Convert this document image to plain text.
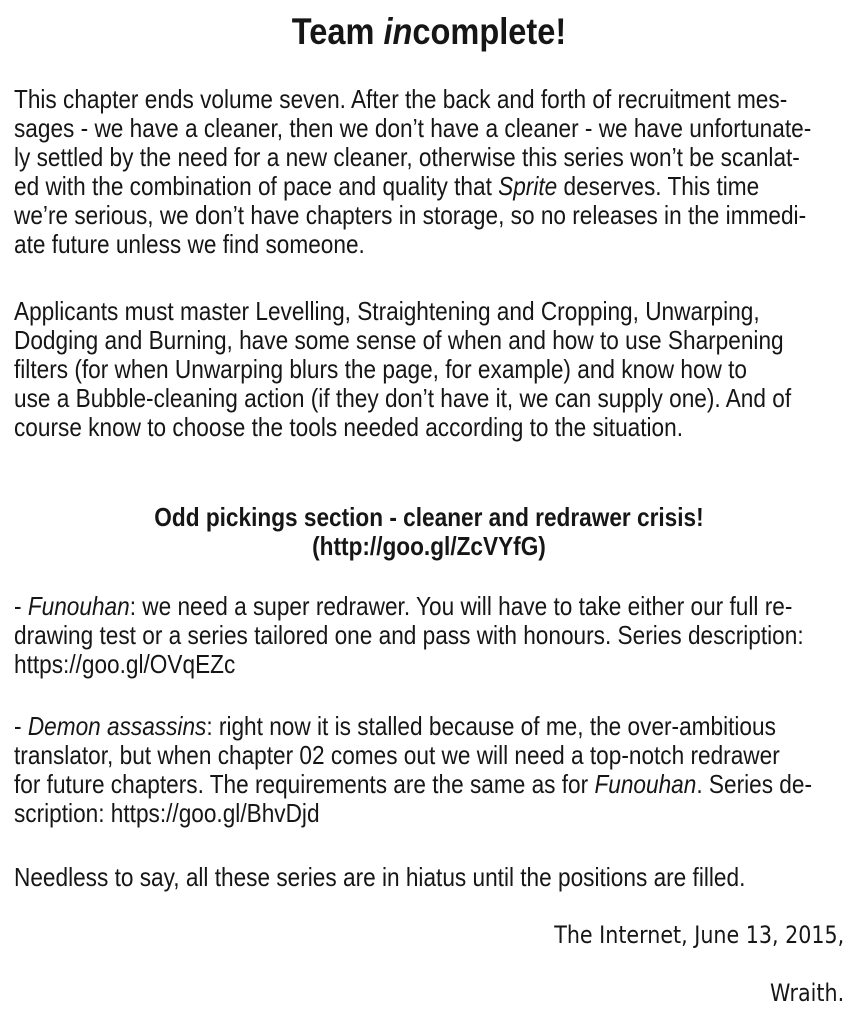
Team incomplete!
This chapter ends volume seven. After the back and forth of recruitment mes-
sages - we have a cleaner, then we don’t have a cleaner - we have unfortunate-
ly settled by the need for a new cleaner, otherwise this series won’t be scanlat-
ed with the combination of pace and quality that Sprite deserves. This time
we’re serious, we don’t have chapters in storage, so no releases in the immedi-
ate future unless we find someone.
Applicants must master Levelling, Straightening and Cropping, Unwarping,
Dodging and Burning, have some sense of when and how to use Sharpening
filters (for when Unwarping blurs the page, for example) and know how to
use a Bubble-cleaning action (if they don’t have it, we can supply one). And of
course know to choose the tools needed according to the situation.
Odd pickings section - cleaner and redrawer crisis!
(http://goo.gl/ZcVYfG)
- Funouhan: we need a super redrawer. You will have to take either our full re-
drawing test or a series tailored one and pass with honours. Series description:
https://goo.gl/OVqEZc
- Demon assassins: right now it is stalled because of me, the over-ambitious
translator, but when chapter 02 comes out we will need a top-notch redrawer
for future chapters. The requirements are the same as for Funouhan. Series de-
scription: https://goo.gl/BhvDjd
Needless to say, all these series are in hiatus until the positions are filled.
The Internet, June 13, 2015,
Wraith.
